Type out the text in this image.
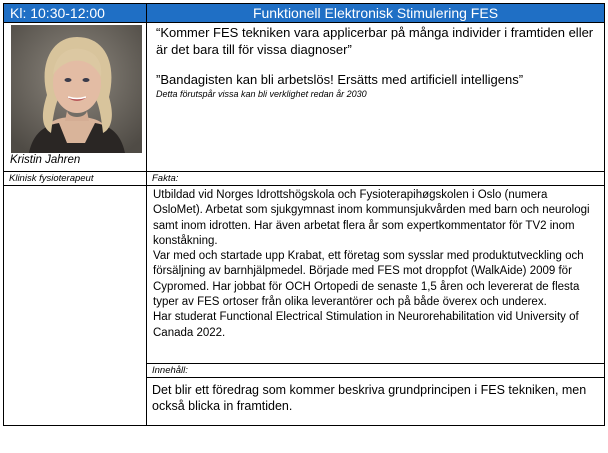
Kl: 10:30-12:00	Funktionell Elektronisk Stimulering FES

Kristin Jahren	“Kommer FES tekniken vara applicerbar på många individer i framtiden eller är det bara till för vissa diagnoser”
”Bandagisten kan bli arbetslös! Ersätts med artificiell intelligens”
Detta förutspår vissa kan bli verklighet redan år 2030

Klinisk fysioterapeut	Fakta:

	Utbildad vid Norges Idrottshögskola och Fysioterapihøgskolen i Oslo (numera OsloMet). Arbetat som sjukgymnast inom kommunsjukvården med barn och neurologi samt inom idrotten. Har även arbetat flera år som expertkommentator för TV2 inom konståkning.

Var med och startade upp Krabat, ett företag som sysslar med produktutveckling och försäljning av barnhjälpmedel. Började med FES mot droppfot (WalkAide) 2009 för Cypromed. Har jobbat för OCH Ortopedi de senaste 1,5 åren och levererat de flesta typer av FES ortoser från olika leverantörer och på både överex och underex.

Har studerat Functional Electrical Stimulation in Neurorehabilitation vid University of Canada 2022.

	Innehåll:
	Det blir ett föredrag som kommer beskriva grundprincipen i FES tekniken, men också blicka in framtiden.
